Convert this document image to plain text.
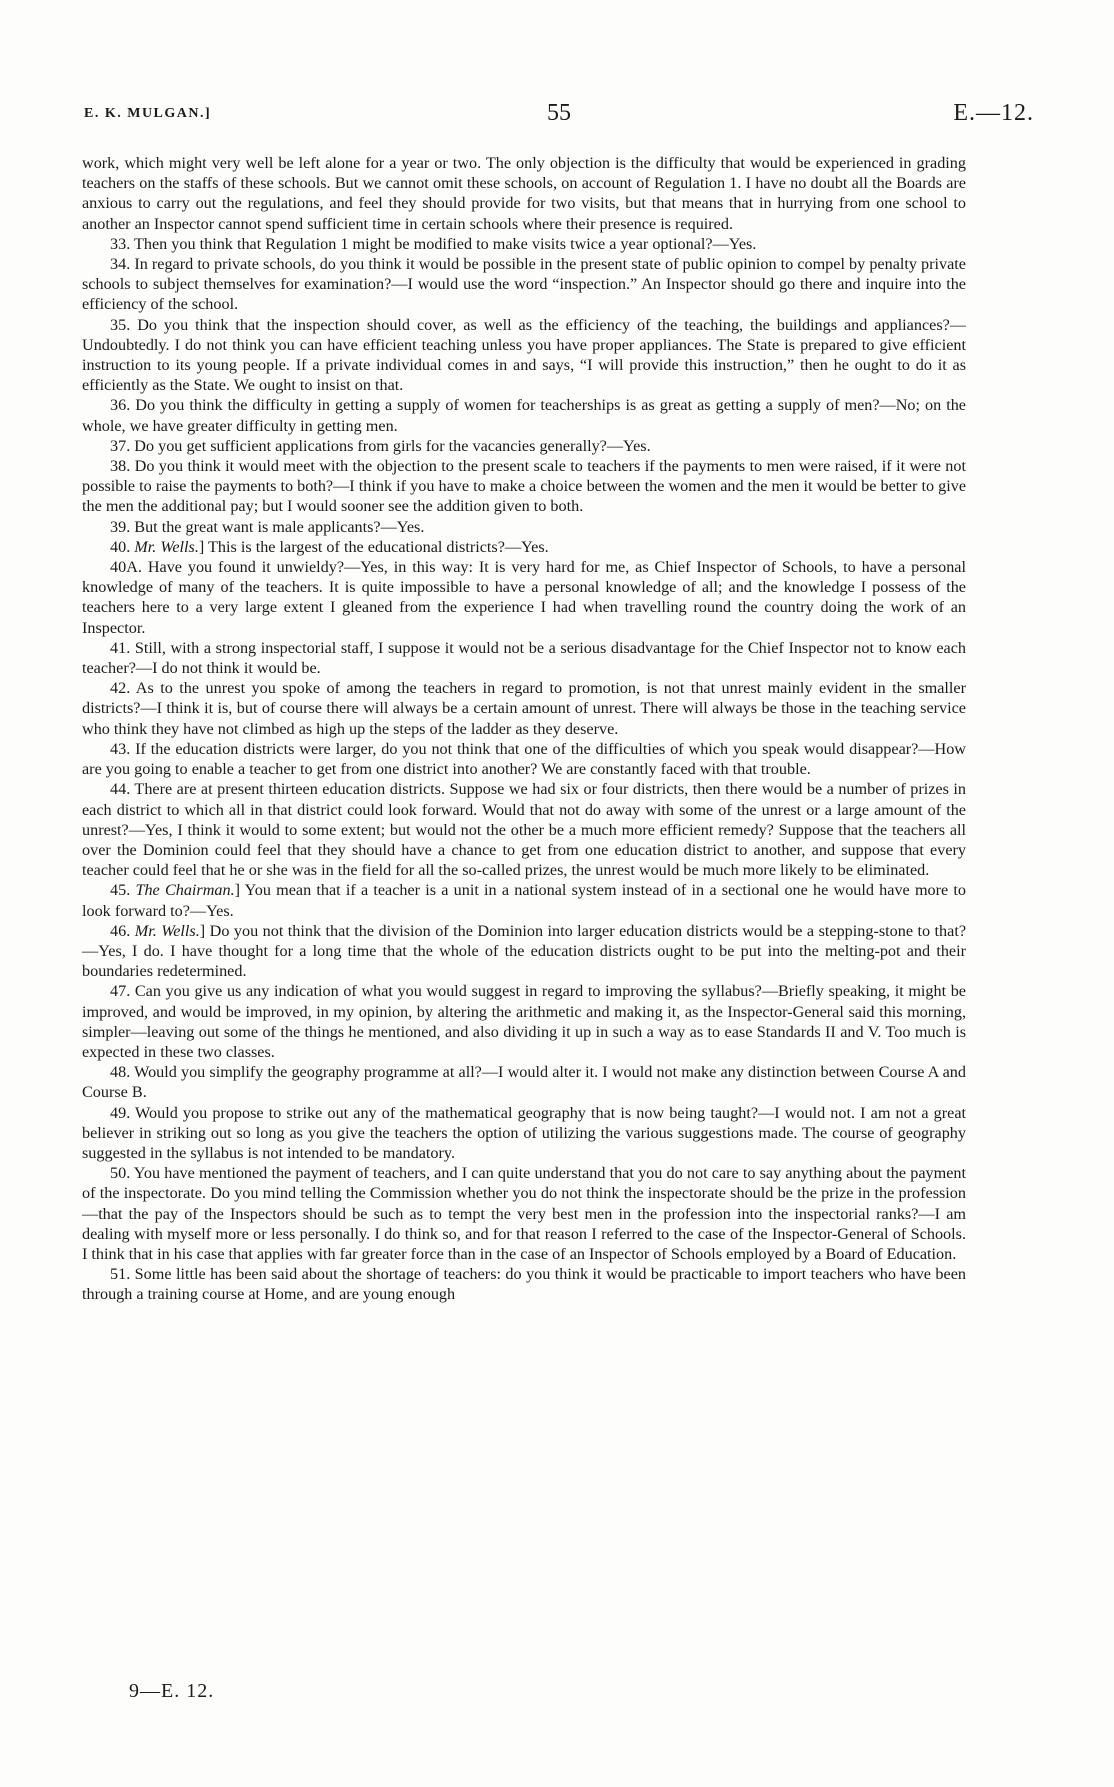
E. K. MULGAN.]	55	E.—12.

work, which might very well be left alone for a year or two. The only objection is the difficulty that would be experienced in grading teachers on the staffs of these schools. But we cannot omit these schools, on account of Regulation 1. I have no doubt all the Boards are anxious to carry out the regulations, and feel they should provide for two visits, but that means that in hurrying from one school to another an Inspector cannot spend sufficient time in certain schools where their presence is required.

33. Then you think that Regulation 1 might be modified to make visits twice a year optional?—Yes.

34. In regard to private schools, do you think it would be possible in the present state of public opinion to compel by penalty private schools to subject themselves for examination?—I would use the word “inspection.” An Inspector should go there and inquire into the efficiency of the school.

35. Do you think that the inspection should cover, as well as the efficiency of the teaching, the buildings and appliances?—Undoubtedly. I do not think you can have efficient teaching unless you have proper appliances. The State is prepared to give efficient instruction to its young people. If a private individual comes in and says, “I will provide this instruction,” then he ought to do it as efficiently as the State. We ought to insist on that.

36. Do you think the difficulty in getting a supply of women for teacherships is as great as getting a supply of men?—No; on the whole, we have greater difficulty in getting men.

37. Do you get sufficient applications from girls for the vacancies generally?—Yes.

38. Do you think it would meet with the objection to the present scale to teachers if the payments to men were raised, if it were not possible to raise the payments to both?—I think if you have to make a choice between the women and the men it would be better to give the men the additional pay; but I would sooner see the addition given to both.

39. But the great want is male applicants?—Yes.

40. Mr. Wells.] This is the largest of the educational districts?—Yes.

40A. Have you found it unwieldy?—Yes, in this way: It is very hard for me, as Chief Inspector of Schools, to have a personal knowledge of many of the teachers. It is quite impossible to have a personal knowledge of all; and the knowledge I possess of the teachers here to a very large extent I gleaned from the experience I had when travelling round the country doing the work of an Inspector.

41. Still, with a strong inspectorial staff, I suppose it would not be a serious disadvantage for the Chief Inspector not to know each teacher?—I do not think it would be.

42. As to the unrest you spoke of among the teachers in regard to promotion, is not that unrest mainly evident in the smaller districts?—I think it is, but of course there will always be a certain amount of unrest. There will always be those in the teaching service who think they have not climbed as high up the steps of the ladder as they deserve.

43. If the education districts were larger, do you not think that one of the difficulties of which you speak would disappear?—How are you going to enable a teacher to get from one district into another? We are constantly faced with that trouble.

44. There are at present thirteen education districts. Suppose we had six or four districts, then there would be a number of prizes in each district to which all in that district could look forward. Would that not do away with some of the unrest or a large amount of the unrest?—Yes, I think it would to some extent; but would not the other be a much more efficient remedy? Suppose that the teachers all over the Dominion could feel that they should have a chance to get from one education district to another, and suppose that every teacher could feel that he or she was in the field for all the so-called prizes, the unrest would be much more likely to be eliminated.

45. The Chairman.] You mean that if a teacher is a unit in a national system instead of in a sectional one he would have more to look forward to?—Yes.

46. Mr. Wells.] Do you not think that the division of the Dominion into larger education districts would be a stepping-stone to that?—Yes, I do. I have thought for a long time that the whole of the education districts ought to be put into the melting-pot and their boundaries redetermined.

47. Can you give us any indication of what you would suggest in regard to improving the syllabus?—Briefly speaking, it might be improved, and would be improved, in my opinion, by altering the arithmetic and making it, as the Inspector-General said this morning, simpler—leaving out some of the things he mentioned, and also dividing it up in such a way as to ease Standards II and V. Too much is expected in these two classes.

48. Would you simplify the geography programme at all?—I would alter it. I would not make any distinction between Course A and Course B.

49. Would you propose to strike out any of the mathematical geography that is now being taught?—I would not. I am not a great believer in striking out so long as you give the teachers the option of utilizing the various suggestions made. The course of geography suggested in the syllabus is not intended to be mandatory.

50. You have mentioned the payment of teachers, and I can quite understand that you do not care to say anything about the payment of the inspectorate. Do you mind telling the Commission whether you do not think the inspectorate should be the prize in the profession—that the pay of the Inspectors should be such as to tempt the very best men in the profession into the inspectorial ranks?—I am dealing with myself more or less personally. I do think so, and for that reason I referred to the case of the Inspector-General of Schools. I think that in his case that applies with far greater force than in the case of an Inspector of Schools employed by a Board of Education.

51. Some little has been said about the shortage of teachers: do you think it would be practicable to import teachers who have been through a training course at Home, and are young enough

9—E. 12.
